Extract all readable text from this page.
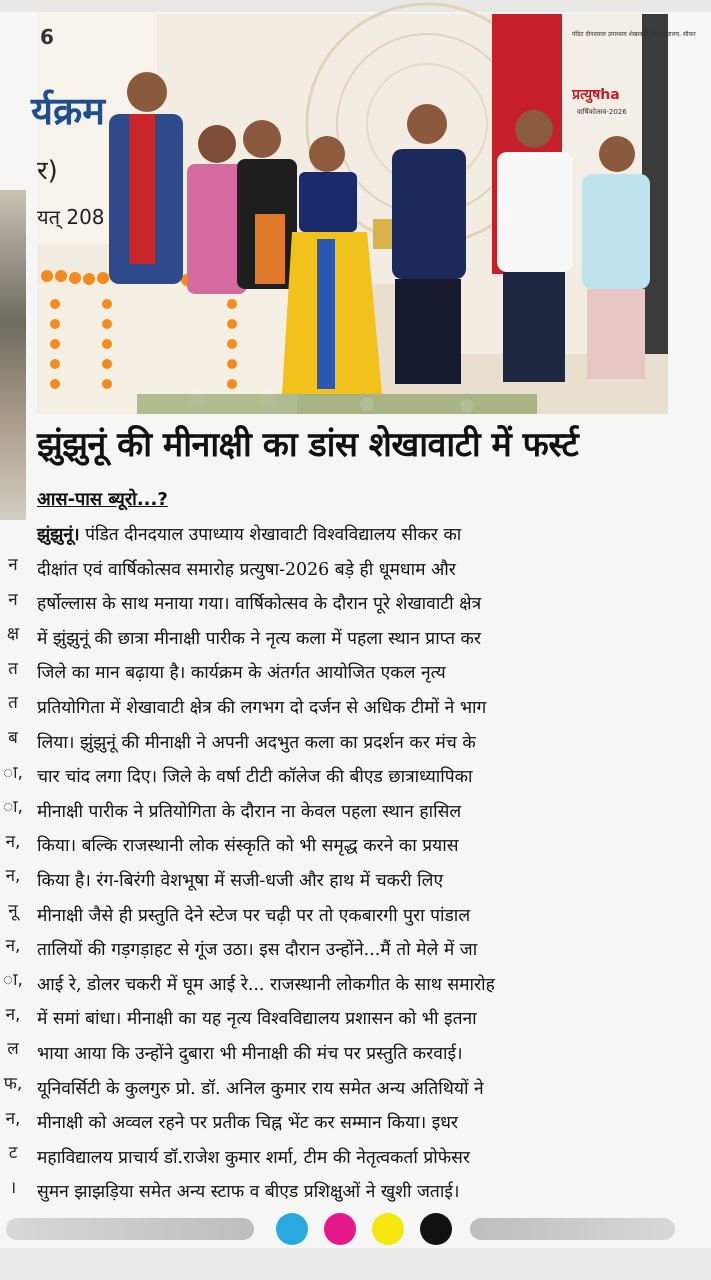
न
न
क्ष
त
त
ब
ा,
ा,
न,
न,
नू
न,
ा,
न,
ल
फ,
न,
ट
।
6
र्यक्रम
र)
यत् 208
पंडित दीनदयाल उपाध्याय शेखावाटी विश्वविद्यालय, सीकर
प्रत्युषha
वार्षिकोत्सव-2026
झुंझुनूं की मीनाक्षी का डांस शेखावाटी में फर्स्ट
आस-पास ब्यूरो...?
झुंझुनूं। पंडित दीनदयाल उपाध्याय शेखावाटी विश्वविद्यालय सीकर का
दीक्षांत एवं वार्षिकोत्सव समारोह प्रत्युषा-2026 बड़े ही धूमधाम और
हर्षोल्लास के साथ मनाया गया। वार्षिकोत्सव के दौरान पूरे शेखावाटी क्षेत्र
में झुंझुनूं की छात्रा मीनाक्षी पारीक ने नृत्य कला में पहला स्थान प्राप्त कर
जिले का मान बढ़ाया है। कार्यक्रम के अंतर्गत आयोजित एकल नृत्य
प्रतियोगिता में शेखावाटी क्षेत्र की लगभग दो दर्जन से अधिक टीमों ने भाग
लिया। झुंझुनूं की मीनाक्षी ने अपनी अदभुत कला का प्रदर्शन कर मंच के
चार चांद लगा दिए। जिले के वर्षा टीटी कॉलेज की बीएड छात्राध्यापिका
मीनाक्षी पारीक ने प्रतियोगिता के दौरान ना केवल पहला स्थान हासिल
किया। बल्कि राजस्थानी लोक संस्कृति को भी समृद्ध करने का प्रयास
किया है। रंग-बिरंगी वेशभूषा में सजी-धजी और हाथ में चकरी लिए
मीनाक्षी जैसे ही प्रस्तुति देने स्टेज पर चढ़ी पर तो एकबारगी पुरा पांडाल
तालियों की गड़गड़ाहट से गूंज उठा। इस दौरान उन्होंने...मैं तो मेले में जा
आई रे, डोलर चकरी में घूम आई रे... राजस्थानी लोकगीत के साथ समारोह
में समां बांधा। मीनाक्षी का यह नृत्य विश्वविद्यालय प्रशासन को भी इतना
भाया आया कि उन्होंने दुबारा भी मीनाक्षी की मंच पर प्रस्तुति करवाई।
यूनिवर्सिटी के कुलगुरु प्रो. डॉ. अनिल कुमार राय समेत अन्य अतिथियों ने
मीनाक्षी को अव्वल रहने पर प्रतीक चिह्न भेंट कर सम्मान किया। इधर
महाविद्यालय प्राचार्य डॉ.राजेश कुमार शर्मा, टीम की नेतृत्वकर्ता प्रोफेसर
सुमन झाझड़िया समेत अन्य स्टाफ व बीएड प्रशिक्षुओं ने खुशी जताई।
